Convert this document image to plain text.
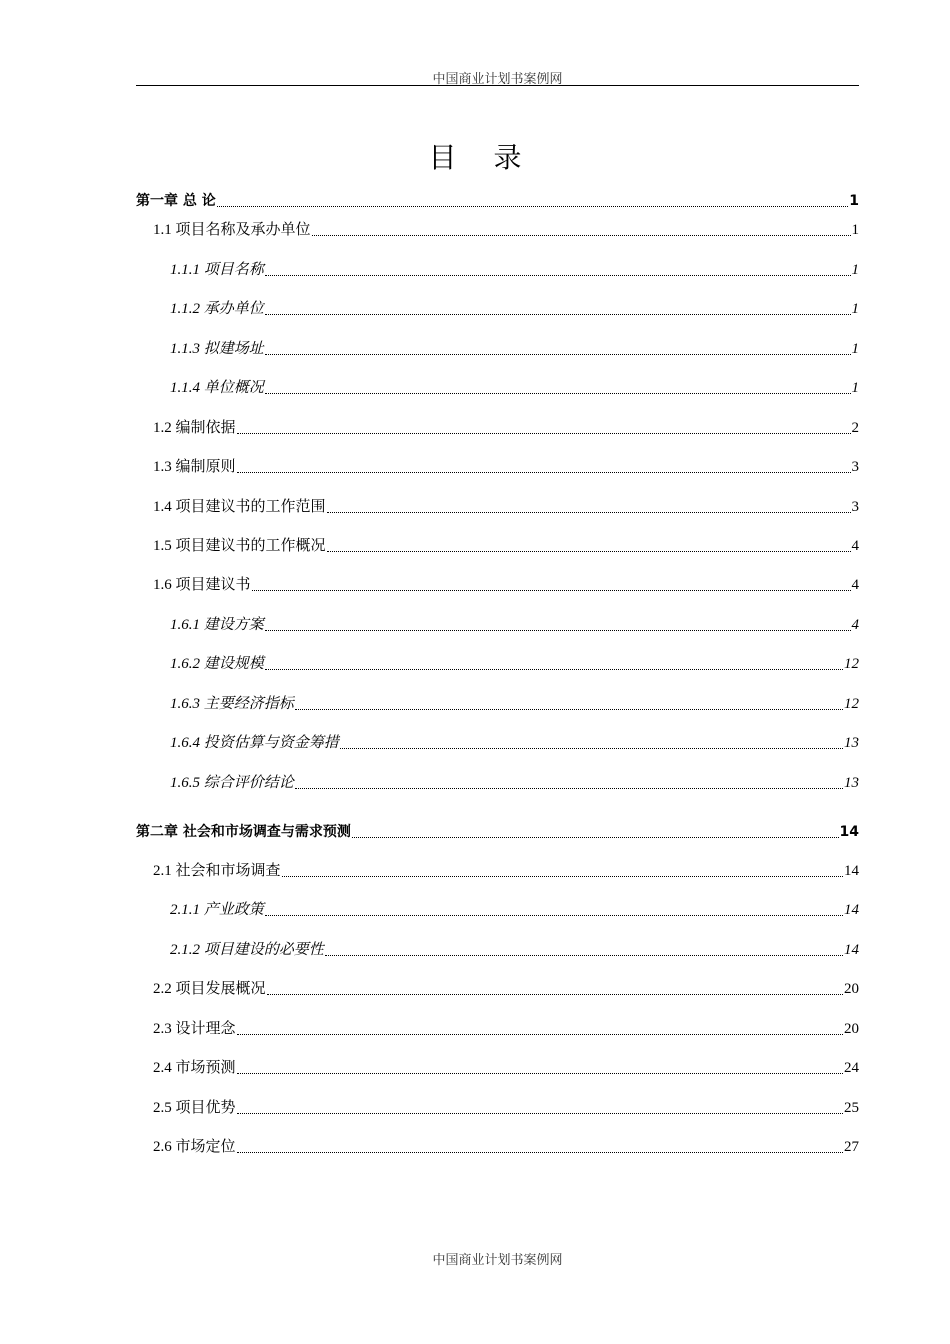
中国商业计划书案例网
目 录
第一章 总 论	1
1.1 项目名称及承办单位	1
1.1.1 项目名称	1
1.1.2 承办单位	1
1.1.3 拟建场址	1
1.1.4 单位概况	1
1.2 编制依据	2
1.3 编制原则	3
1.4 项目建议书的工作范围	3
1.5 项目建议书的工作概况	4
1.6 项目建议书	4
1.6.1 建设方案	4
1.6.2 建设规模	12
1.6.3 主要经济指标	12
1.6.4 投资估算与资金筹措	13
1.6.5 综合评价结论	13
第二章 社会和市场调查与需求预测	14
2.1 社会和市场调查	14
2.1.1 产业政策	14
2.1.2 项目建设的必要性	14
2.2 项目发展概况	20
2.3 设计理念	20
2.4 市场预测	24
2.5 项目优势	25
2.6 市场定位	27
中国商业计划书案例网
